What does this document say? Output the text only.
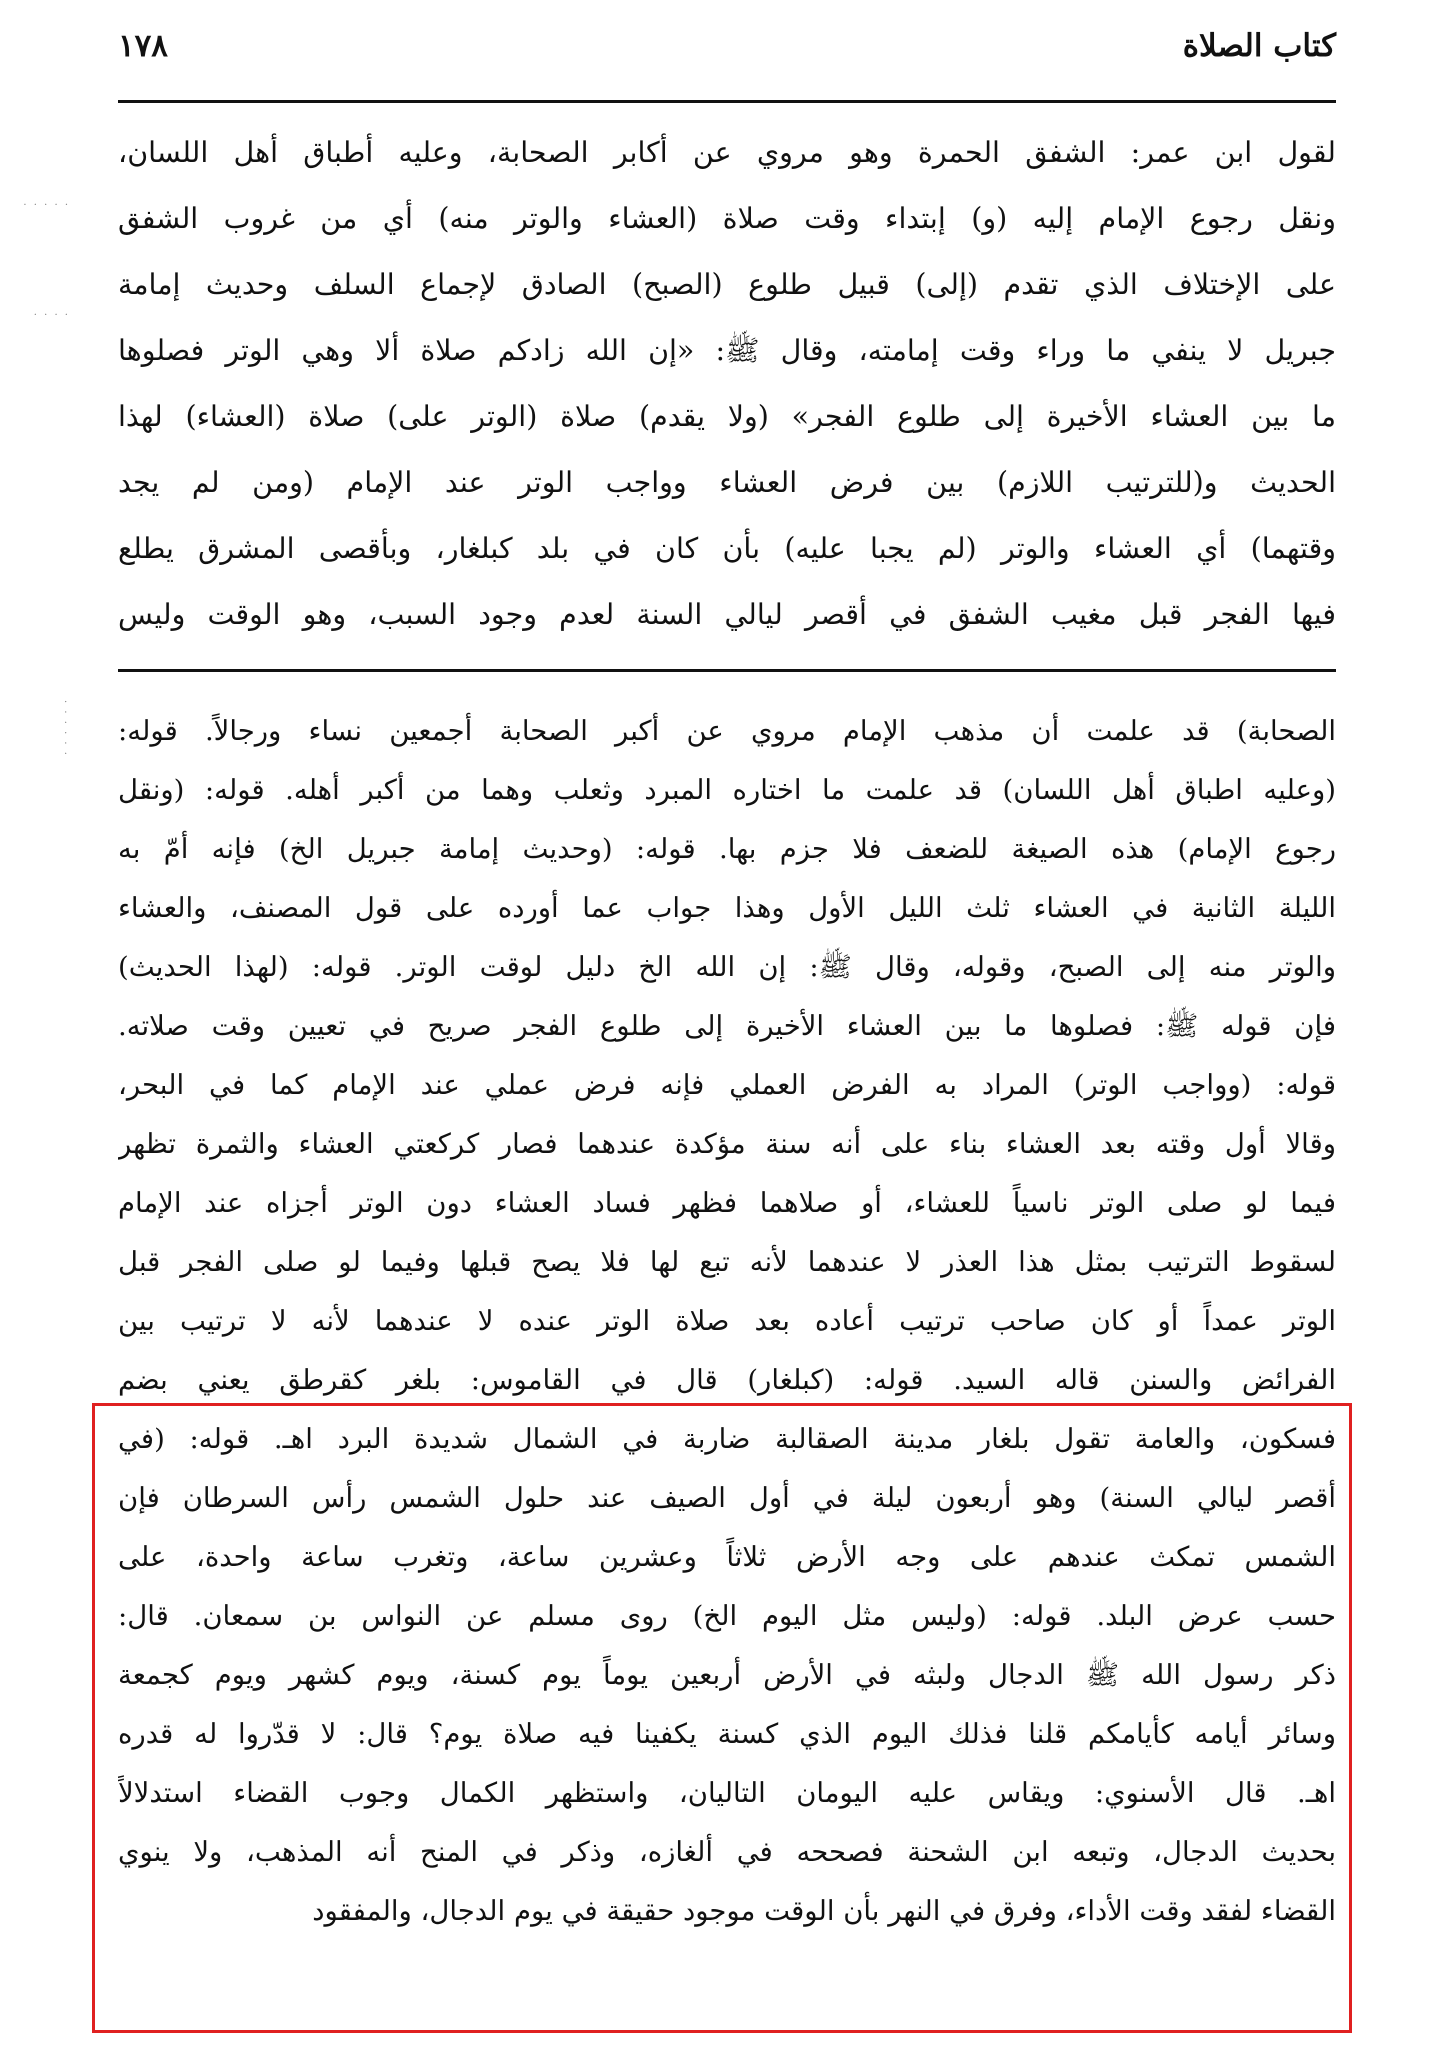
١٧٨	كتاب الصلاة
لقول ابن عمر: الشفق الحمرة وهو مروي عن أكابر الصحابة، وعليه أطباق أهل اللسان،
ونقل رجوع الإمام إليه (و) إبتداء وقت صلاة (العشاء والوتر منه) أي من غروب الشفق
على الإختلاف الذي تقدم (إلى) قبيل طلوع (الصبح) الصادق لإجماع السلف وحديث إمامة
جبريل لا ينفي ما وراء وقت إمامته، وقال ﷺ: «إن الله زادكم صلاة ألا وهي الوتر فصلوها
ما بين العشاء الأخيرة إلى طلوع الفجر» (ولا يقدم) صلاة (الوتر على) صلاة (العشاء) لهذا
الحديث و(للترتيب اللازم) بين فرض العشاء وواجب الوتر عند الإمام (ومن لم يجد
وقتهما) أي العشاء والوتر (لم يجبا عليه) بأن كان في بلد كبلغار، وبأقصى المشرق يطلع
فيها الفجر قبل مغيب الشفق في أقصر ليالي السنة لعدم وجود السبب، وهو الوقت وليس
الصحابة) قد علمت أن مذهب الإمام مروي عن أكبر الصحابة أجمعين نساء ورجالاً. قوله:
(وعليه اطباق أهل اللسان) قد علمت ما اختاره المبرد وثعلب وهما من أكبر أهله. قوله: (ونقل
رجوع الإمام) هذه الصيغة للضعف فلا جزم بها. قوله: (وحديث إمامة جبريل الخ) فإنه أمّ به
الليلة الثانية في العشاء ثلث الليل الأول وهذا جواب عما أورده على قول المصنف، والعشاء
والوتر منه إلى الصبح، وقوله، وقال ﷺ: إن الله الخ دليل لوقت الوتر. قوله: (لهذا الحديث)
فإن قوله ﷺ: فصلوها ما بين العشاء الأخيرة إلى طلوع الفجر صريح في تعيين وقت صلاته.
قوله: (وواجب الوتر) المراد به الفرض العملي فإنه فرض عملي عند الإمام كما في البحر،
وقالا أول وقته بعد العشاء بناء على أنه سنة مؤكدة عندهما فصار كركعتي العشاء والثمرة تظهر
فيما لو صلى الوتر ناسياً للعشاء، أو صلاهما فظهر فساد العشاء دون الوتر أجزاه عند الإمام
لسقوط الترتيب بمثل هذا العذر لا عندهما لأنه تبع لها فلا يصح قبلها وفيما لو صلى الفجر قبل
الوتر عمداً أو كان صاحب ترتيب أعاده بعد صلاة الوتر عنده لا عندهما لأنه لا ترتيب بين
الفرائض والسنن قاله السيد. قوله: (كبلغار) قال في القاموس: بلغر كقرطق يعني بضم
فسكون، والعامة تقول بلغار مدينة الصقالبة ضاربة في الشمال شديدة البرد اهـ. قوله: (في
أقصر ليالي السنة) وهو أربعون ليلة في أول الصيف عند حلول الشمس رأس السرطان فإن
الشمس تمكث عندهم على وجه الأرض ثلاثاً وعشرين ساعة، وتغرب ساعة واحدة، على
حسب عرض البلد. قوله: (وليس مثل اليوم الخ) روى مسلم عن النواس بن سمعان. قال:
ذكر رسول الله ﷺ الدجال ولبثه في الأرض أربعين يوماً يوم كسنة، ويوم كشهر ويوم كجمعة
وسائر أيامه كأيامكم قلنا فذلك اليوم الذي كسنة يكفينا فيه صلاة يوم؟ قال: لا قدّروا له قدره
اهـ. قال الأسنوي: ويقاس عليه اليومان التاليان، واستظهر الكمال وجوب القضاء استدلالاً
بحديث الدجال، وتبعه ابن الشحنة فصححه في ألغازه، وذكر في المنح أنه المذهب، ولا ينوي
القضاء لفقد وقت الأداء، وفرق في النهر بأن الوقت موجود حقيقة في يوم الدجال، والمفقود
· · · · ·
· · · ·
· · · · · ·
